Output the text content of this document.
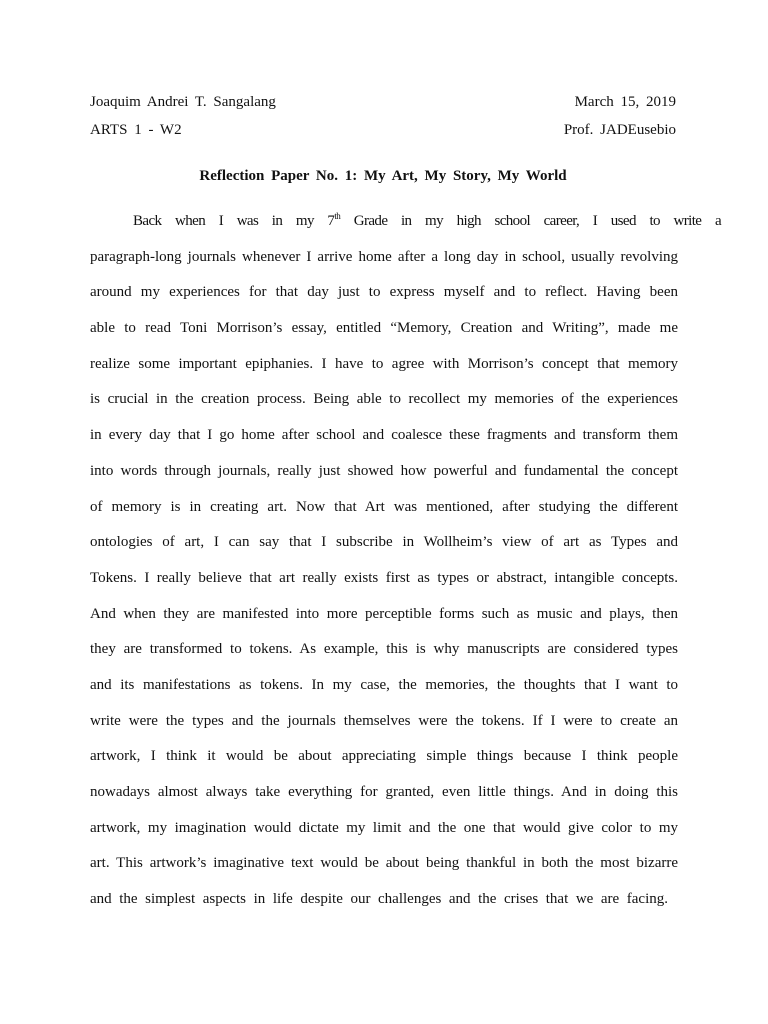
Joaquim Andrei T. Sangalang	March 15, 2019
ARTS 1 - W2	Prof. JADEusebio
Reflection Paper No. 1: My Art, My Story, My World
Back when I was in my 7th Grade in my high school career, I used to write a
paragraph-long journals whenever I arrive home after a long day in school, usually revolving
around my experiences for that day just to express myself and to reflect. Having been
able to read Toni Morrison’s essay, entitled “Memory, Creation and Writing”, made me
realize some important epiphanies. I have to agree with Morrison’s concept that memory
is crucial in the creation process. Being able to recollect my memories of the experiences
in every day that I go home after school and coalesce these fragments and transform them
into words through journals, really just showed how powerful and fundamental the concept
of memory is in creating art. Now that Art was mentioned, after studying the different
ontologies of art, I can say that I subscribe in Wollheim’s view of art as Types and
Tokens. I really believe that art really exists first as types or abstract, intangible concepts.
And when they are manifested into more perceptible forms such as music and plays, then
they are transformed to tokens. As example, this is why manuscripts are considered types
and its manifestations as tokens. In my case, the memories, the thoughts that I want to
write were the types and the journals themselves were the tokens. If I were to create an
artwork, I think it would be about appreciating simple things because I think people
nowadays almost always take everything for granted, even little things. And in doing this
artwork, my imagination would dictate my limit and the one that would give color to my
art. This artwork’s imaginative text would be about being thankful in both the most bizarre
and the simplest aspects in life despite our challenges and the crises that we are facing.
